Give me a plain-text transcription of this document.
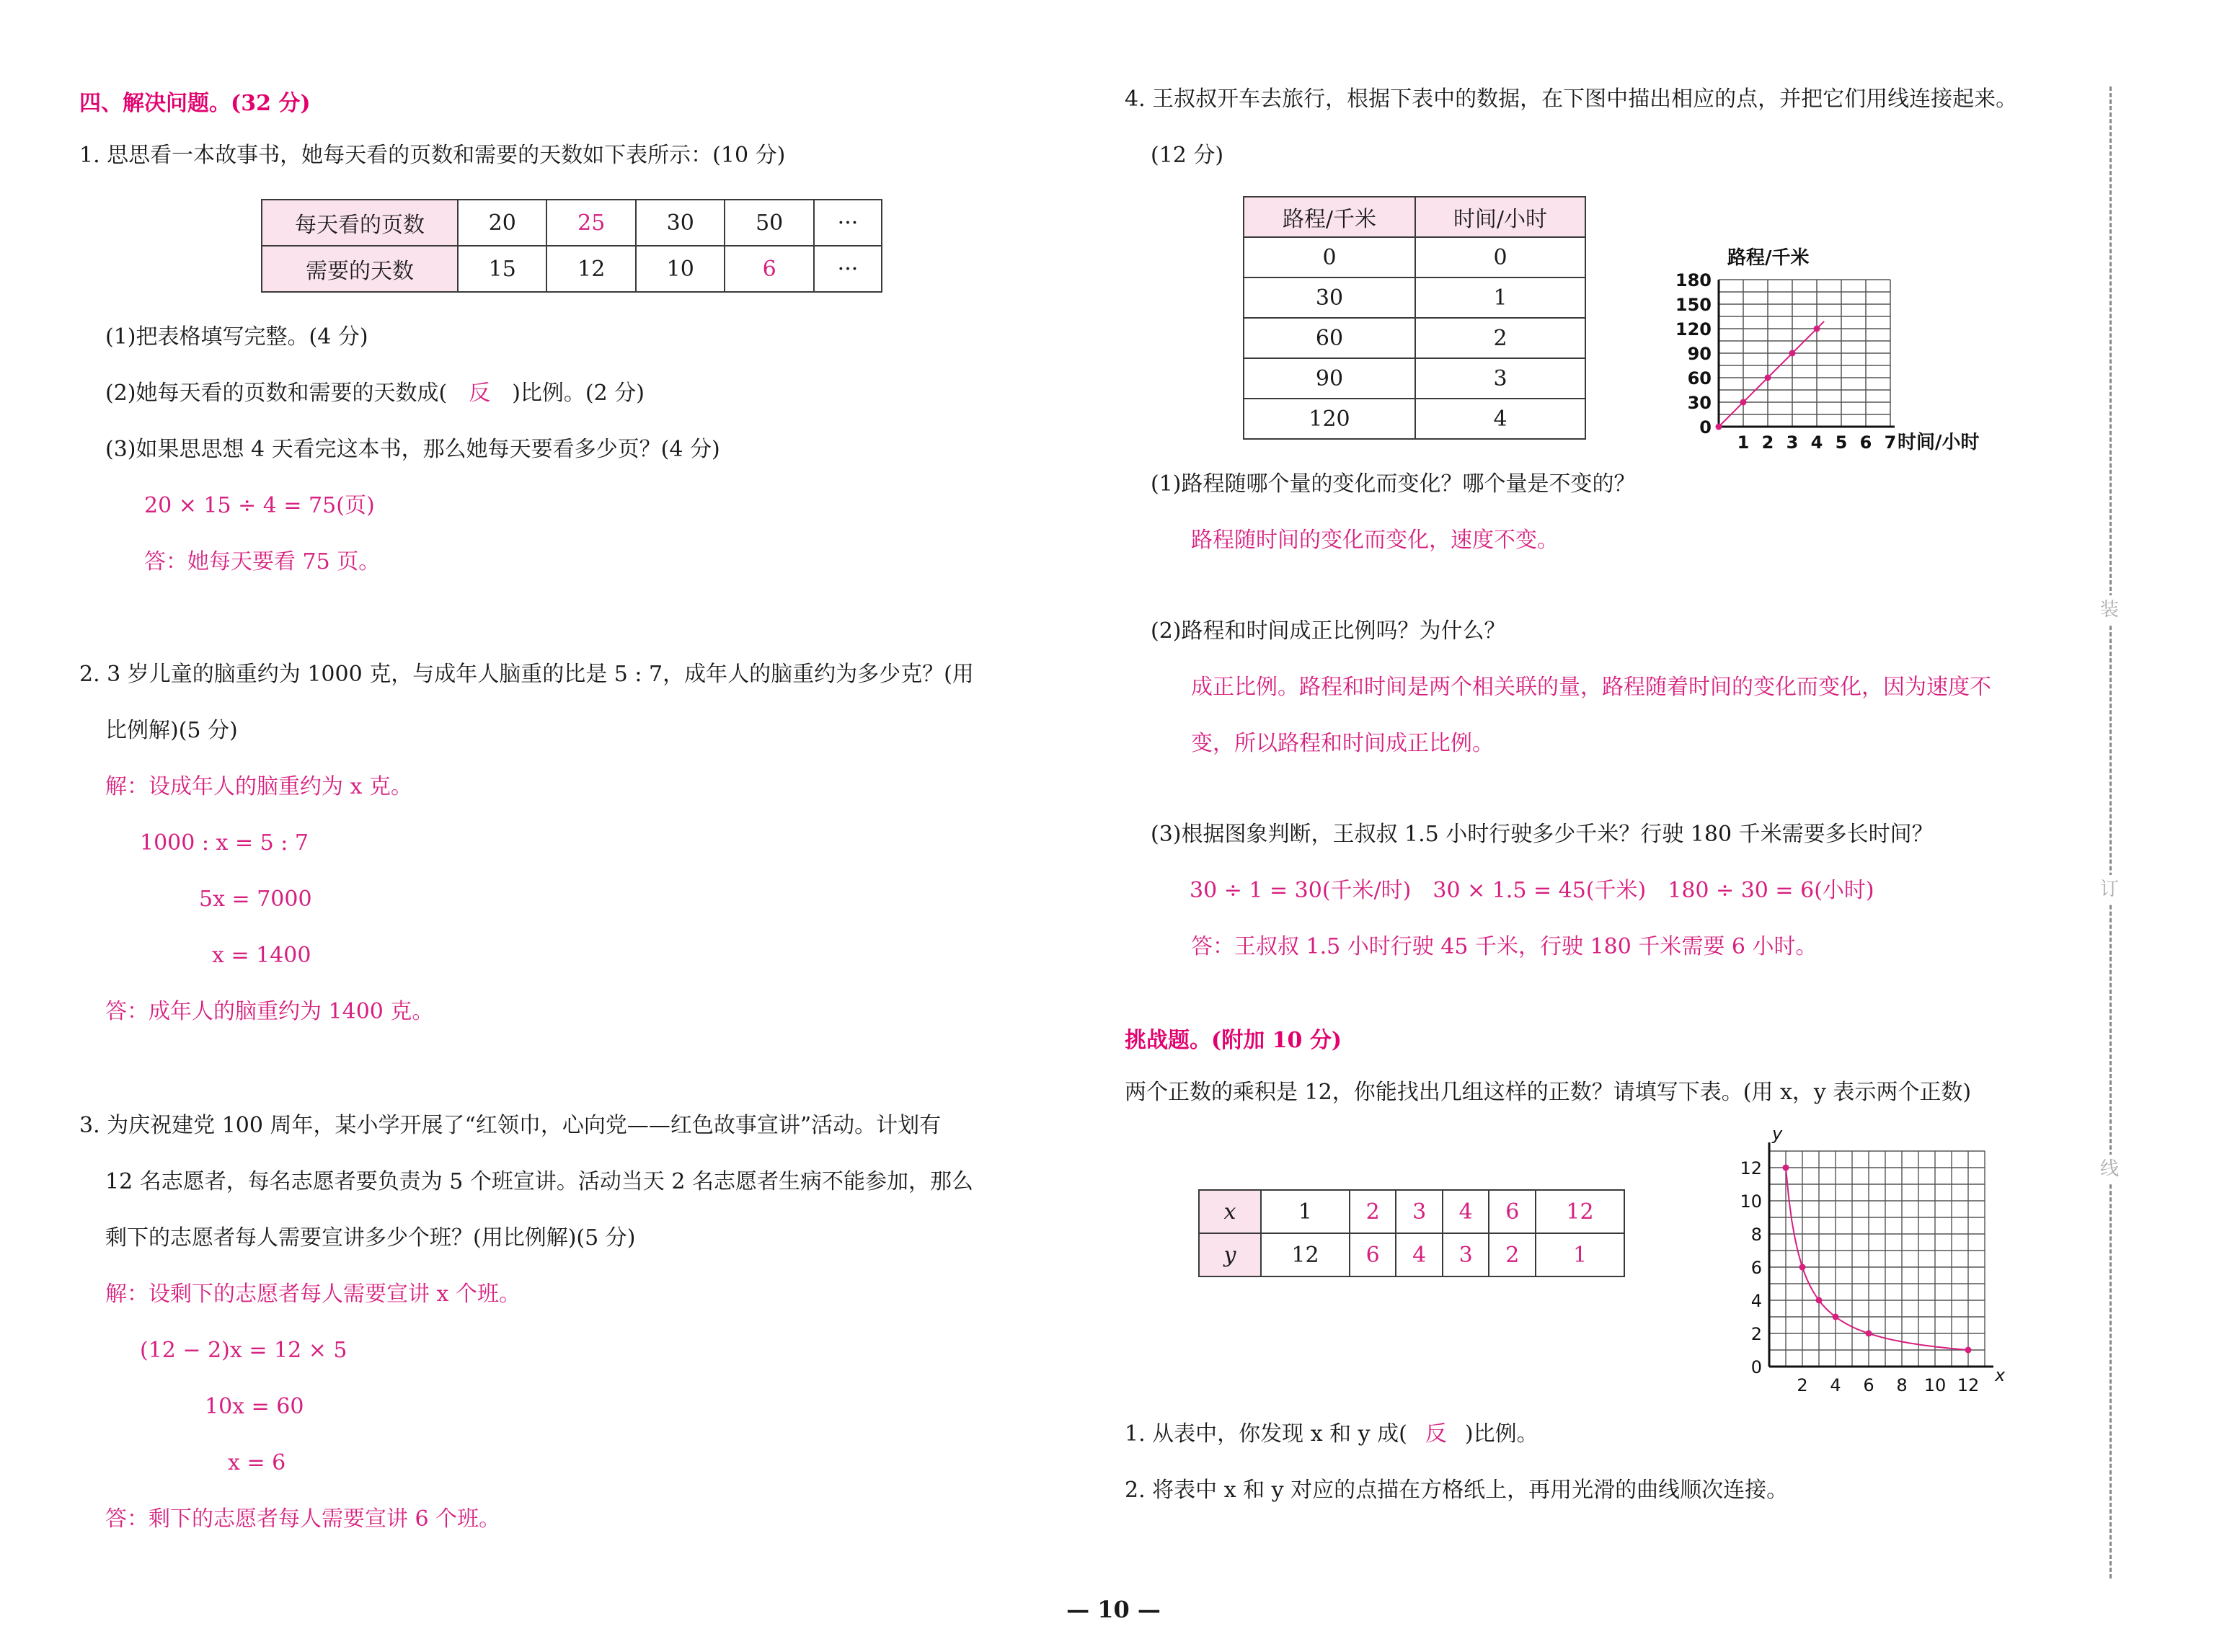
四、解决问题。(32 分)
1. 思思看一本故事书，她每天看的页数和需要的天数如下表所示：(10 分)
每天看的页数	20	25	30	50	···
需要的天数	15	12	10	6	···
(1)把表格填写完整。(4 分)
(2)她每天看的页数和需要的天数成( 反 )比例。(2 分)
(3)如果思思想 4 天看完这本书，那么她每天要看多少页？(4 分)
20 × 15 ÷ 4 = 75(页)
答：她每天要看 75 页。
2. 3 岁儿童的脑重约为 1000 克，与成年人脑重的比是 5 : 7，成年人的脑重约为多少克？(用
比例解)(5 分)
解：设成年人的脑重约为 x 克。
1000 : x = 5 : 7
5x = 7000
x = 1400
答：成年人的脑重约为 1400 克。
3. 为庆祝建党 100 周年，某小学开展了“红领巾，心向党——红色故事宣讲”活动。计划有
12 名志愿者，每名志愿者要负责为 5 个班宣讲。活动当天 2 名志愿者生病不能参加，那么
剩下的志愿者每人需要宣讲多少个班？(用比例解)(5 分)
解：设剩下的志愿者每人需要宣讲 x 个班。
(12 − 2)x = 12 × 5
10x = 60
x = 6
答：剩下的志愿者每人需要宣讲 6 个班。
4. 王叔叔开车去旅行，根据下表中的数据，在下图中描出相应的点，并把它们用线连接起来。
(12 分)
路程/千米	时间/小时
0	0
30	1
60	2
90	3
120	4	0
30
60
90
120
150
180
1 2 3 4 5 6 7
路程/千米
时间/小时
(1)路程随哪个量的变化而变化？哪个量是不变的？
路程随时间的变化而变化，速度不变。
(2)路程和时间成正比例吗？为什么？
成正比例。路程和时间是两个相关联的量，路程随着时间的变化而变化，因为速度不
变，所以路程和时间成正比例。
(3)根据图象判断，王叔叔 1.5 小时行驶多少千米？行驶 180 千米需要多长时间？
30 ÷ 1 = 30(千米/时)　30 × 1.5 = 45(千米)　180 ÷ 30 = 6(小时)
答：王叔叔 1.5 小时行驶 45 千米，行驶 180 千米需要 6 小时。
挑战题。(附加 10 分)
两个正数的乘积是 12，你能找出几组这样的正数？请填写下表。(用 x，y 表示两个正数)
x	1	2	3	4	6	12
y	12	6	4	3	2	1
0
2
4
6
8
10
12
2 4 6 8 10 12
y
x
1. 从表中，你发现 x 和 y 成( 反 )比例。
2. 将表中 x 和 y 对应的点描在方格纸上，再用光滑的曲线顺次连接。
装
订
线
— 10 —
